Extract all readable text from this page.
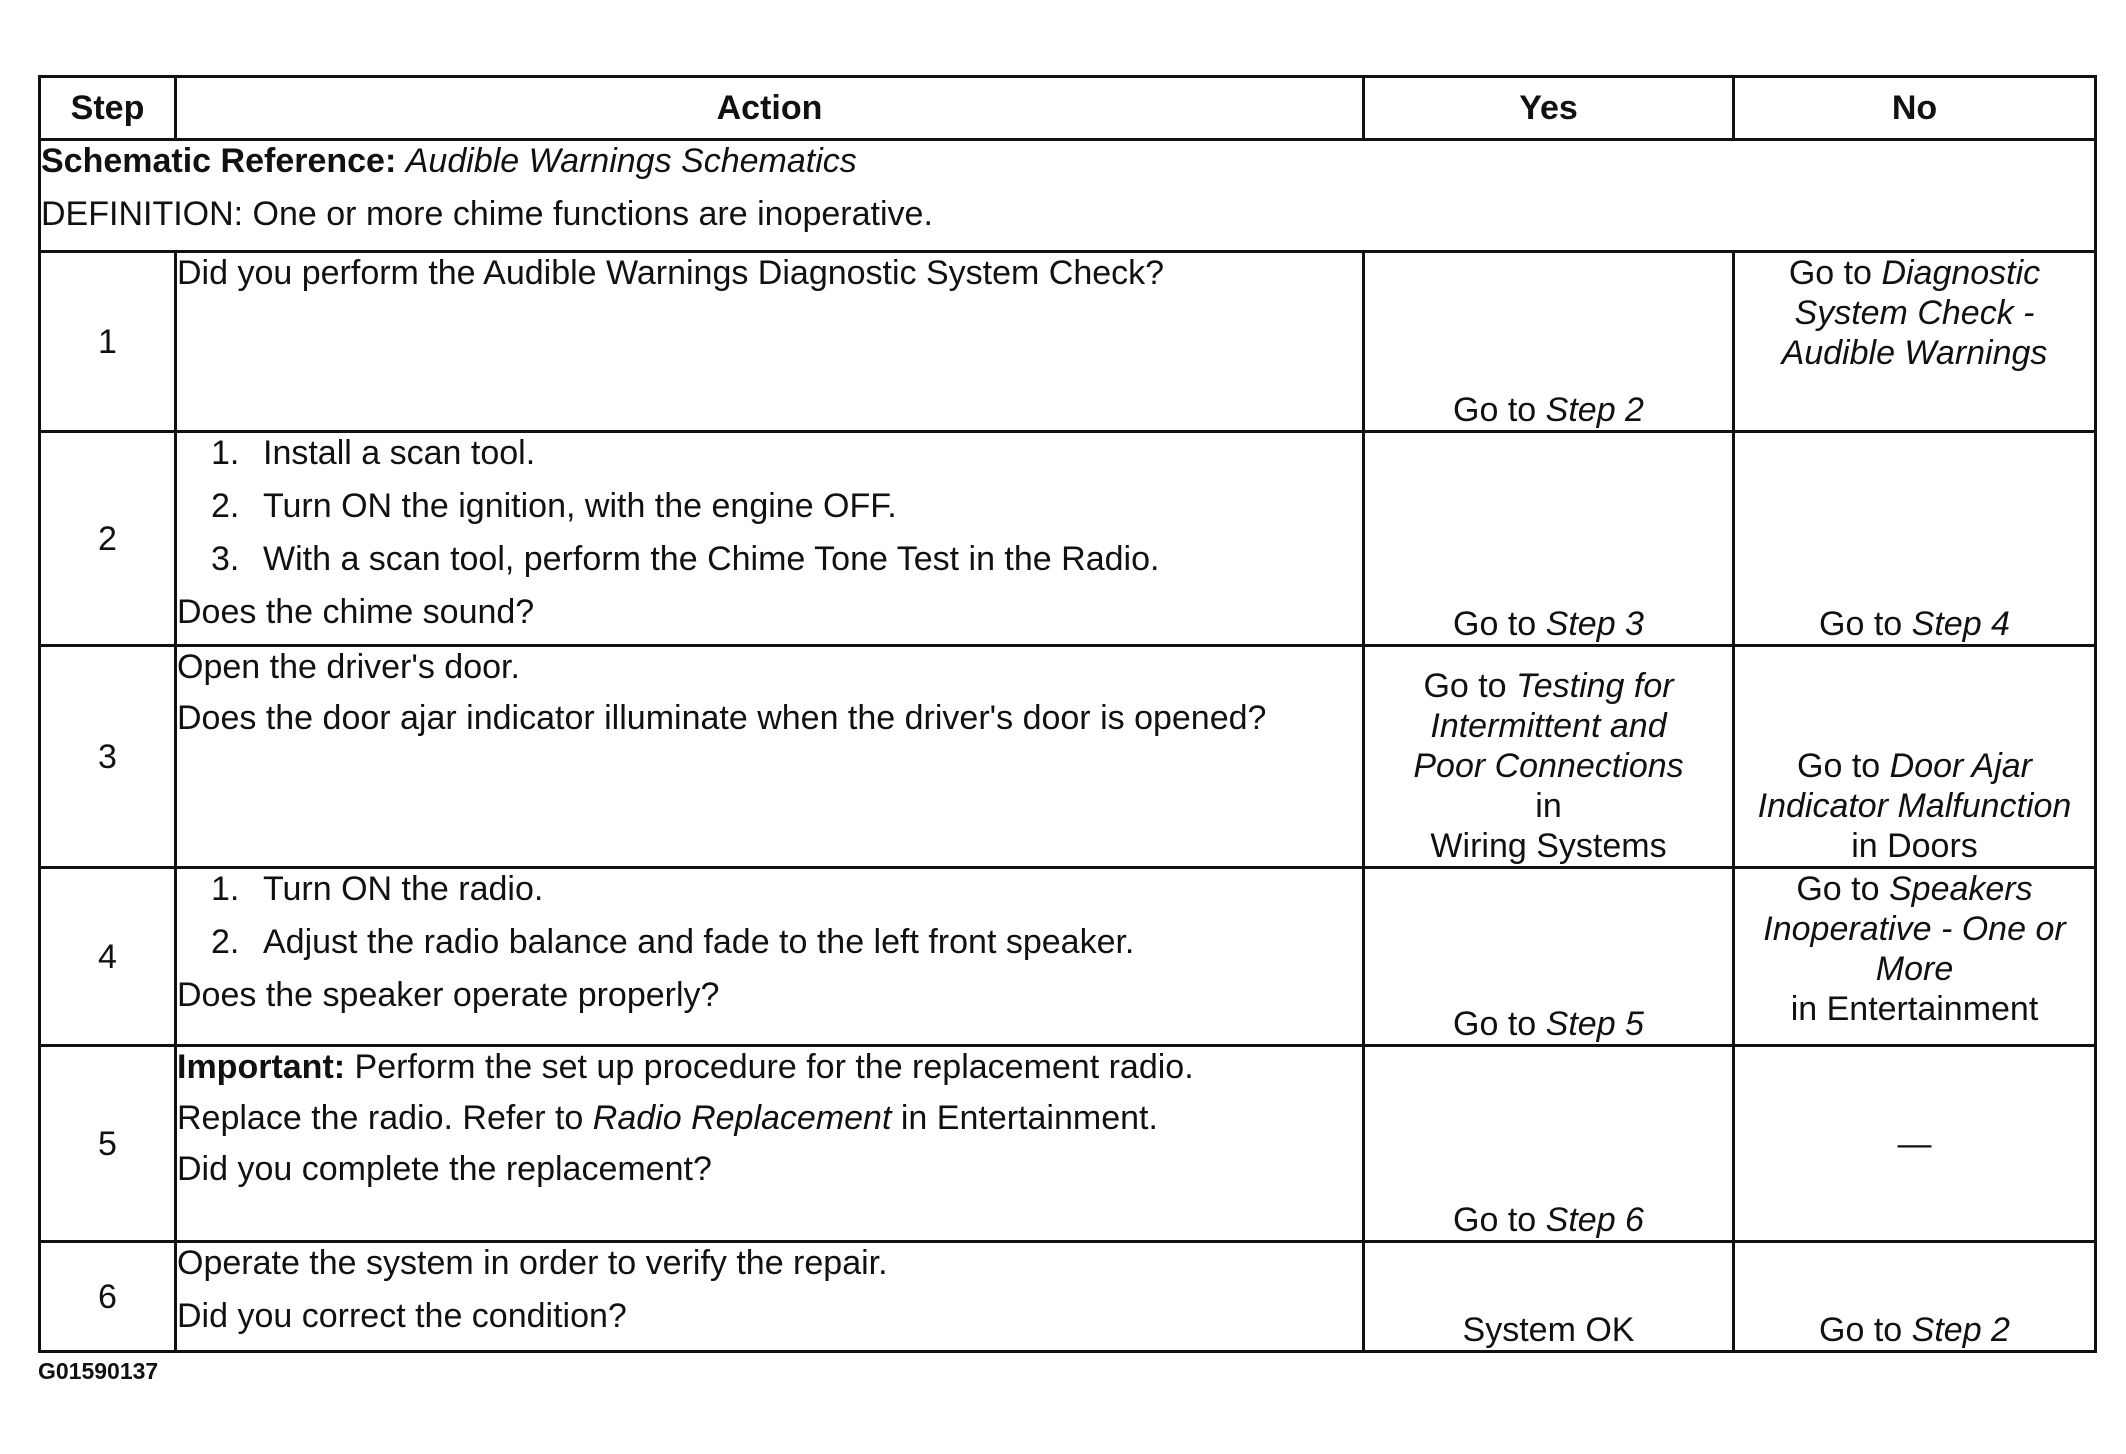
Step	Action	Yes	No

Schematic Reference: Audible Warnings Schematics
DEFINITION: One or more chime functions are inoperative.			

1	Did you perform the Audible Warnings Diagnostic System Check?	Go to Step 2	Go to Diagnostic
System Check -
Audible Warnings

2	1. Install a scan tool.
2. Turn ON the ignition, with the engine OFF.
3. With a scan tool, perform the Chime Tone Test in the Radio.
Does the chime sound?	Go to Step 3	Go to Step 4
3	Open the driver's door.
Does the door ajar indicator illuminate when the driver's door is opened?	Go to Testing for
Intermittent and
Poor Connections
in
Wiring Systems	Go to Door Ajar
Indicator Malfunction
in Doors

4	1. Turn ON the radio.
2. Adjust the radio balance and fade to the left front speaker.
Does the speaker operate properly?	Go to Step 5	Go to Speakers
Inoperative - One or
More
in Entertainment

5	Important: Perform the set up procedure for the replacement radio.
Replace the radio. Refer to Radio Replacement in Entertainment.
Did you complete the replacement?	Go to Step 6	—
6	Operate the system in order to verify the repair.
Did you correct the condition?	System OK	Go to Step 2
G01590137
